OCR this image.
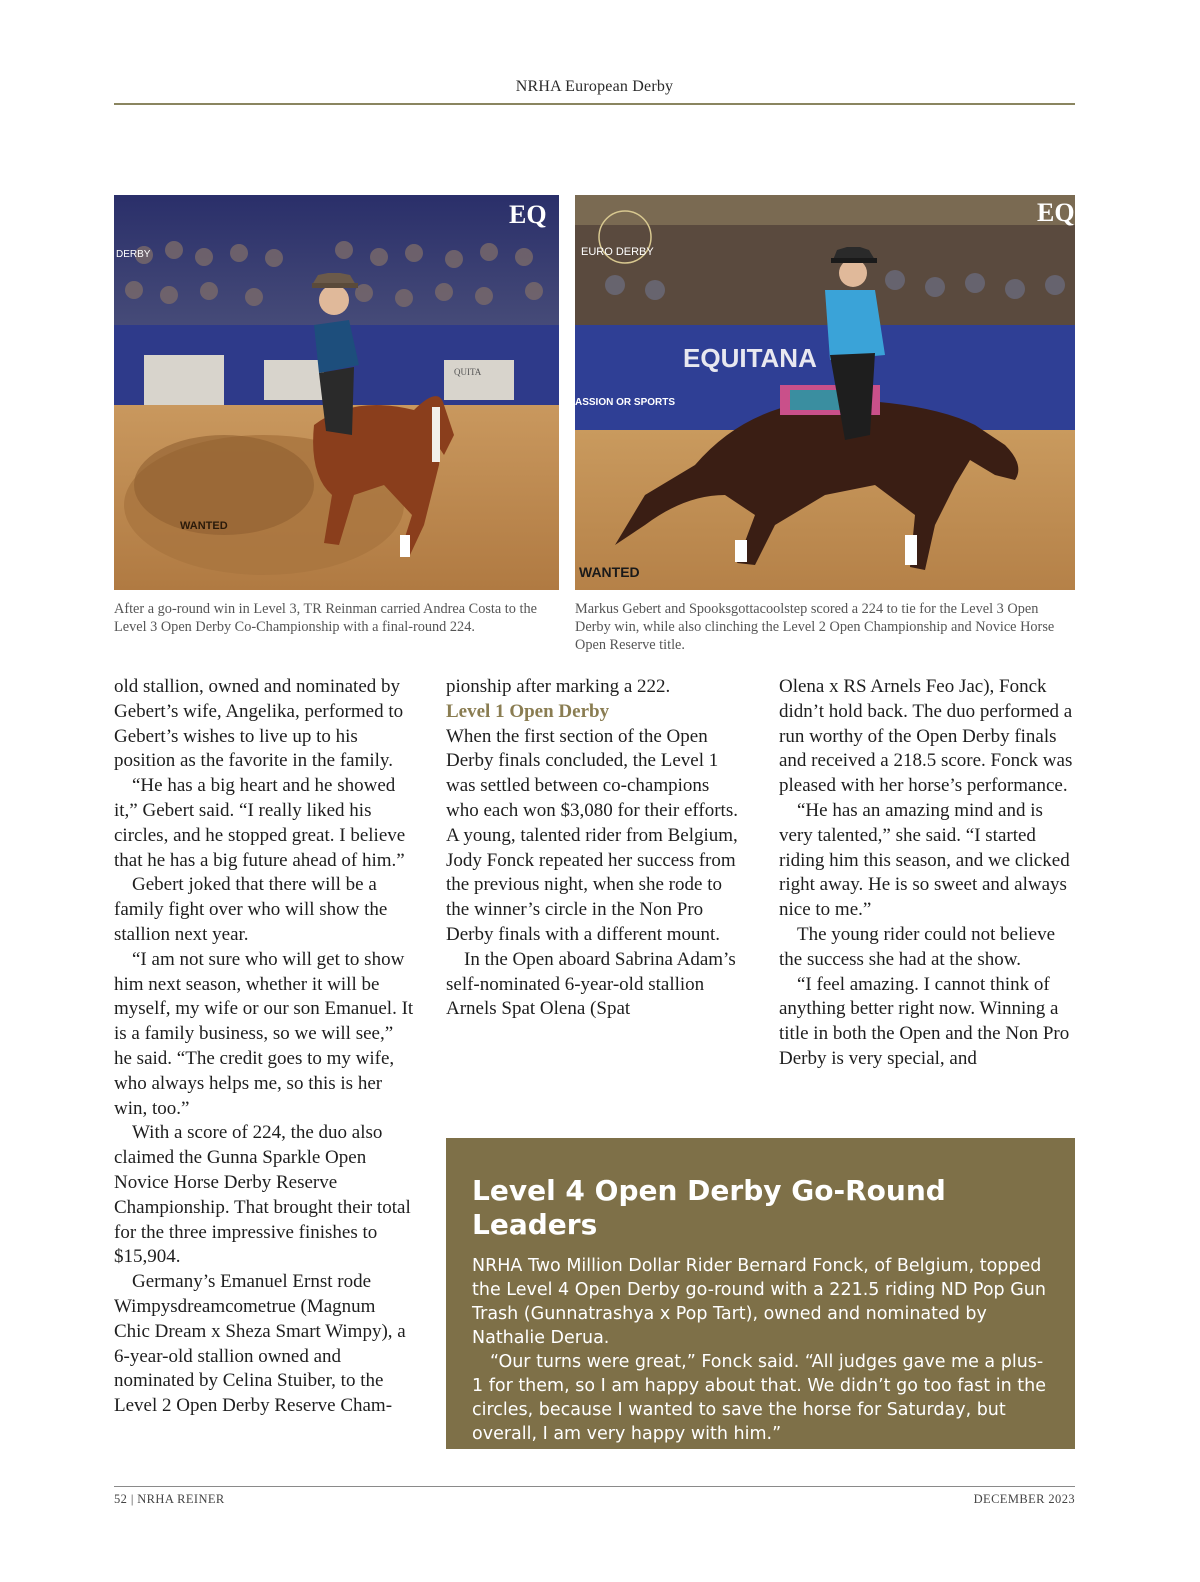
NRHA European Derby
QUITA
EQ
DERBY
WANTED
EQUITANA
ASSION OR SPORTS
EQ
EURO DERBY
WANTED
After a go-round win in Level 3, TR Reinman carried Andrea Costa to the Level 3 Open Derby Co-Championship with a final-round 224.
Markus Gebert and Spooksgottacoolstep scored a 224 to tie for the Level 3 Open Derby win, while also clinching the Level 2 Open Championship and Novice Horse Open Reserve title.

old stallion, owned and nominated by Gebert’s wife, Angelika, performed to Gebert’s wishes to live up to his position as the favorite in the family.

“He has a big heart and he showed it,” Gebert said. “I really liked his circles, and he stopped great. I believe that he has a big future ahead of him.”

Gebert joked that there will be a family fight over who will show the stallion next year.

“I am not sure who will get to show him next season, whether it will be myself, my wife or our son Emanuel. It is a family business, so we will see,” he said. “The credit goes to my wife, who always helps me, so this is her win, too.”

With a score of 224, the duo also claimed the Gunna Sparkle Open Novice Horse Derby Reserve Championship. That brought their total for the three impressive finishes to $15,904.

Germany’s Emanuel Ernst rode Wimpysdreamcometrue (Magnum Chic Dream x Sheza Smart Wimpy), a 6-year-old stallion owned and nominated by Celina Stuiber, to the Level 2 Open Derby Reserve Cham-

pionship after marking a 222.

Level 1 Open Derby

When the first section of the Open Derby finals concluded, the Level 1 was settled between co-champions who each won $3,080 for their efforts. A young, talented rider from Belgium, Jody Fonck repeated her success from the previous night, when she rode to the winner’s circle in the Non Pro Derby finals with a different mount.

In the Open aboard Sabrina Adam’s self-nominated 6-year-old stallion Arnels Spat Olena (Spat

Olena x RS Arnels Feo Jac), Fonck didn’t hold back. The duo performed a run worthy of the Open Derby finals and received a 218.5 score. Fonck was pleased with her horse’s performance.

“He has an amazing mind and is very talented,” she said. “I started riding him this season, and we clicked right away. He is so sweet and always nice to me.”

The young rider could not believe the success she had at the show.

“I feel amazing. I cannot think of anything better right now. Winning a title in both the Open and the Non Pro Derby is very special, and

Level 4 Open Derby Go-Round Leaders

NRHA Two Million Dollar Rider Bernard Fonck, of Belgium, topped the Level 4 Open Derby go-round with a 221.5 riding ND Pop Gun Trash (Gunnatrashya x Pop Tart), owned and nominated by Nathalie Derua.

“Our turns were great,” Fonck said. “All judges gave me a plus-1 for them, so I am happy about that. We didn’t go too fast in the circles, because I wanted to save the horse for Saturday, but overall, I am very happy with him.”

52 | NRHA REINER	DECEMBER 2023
